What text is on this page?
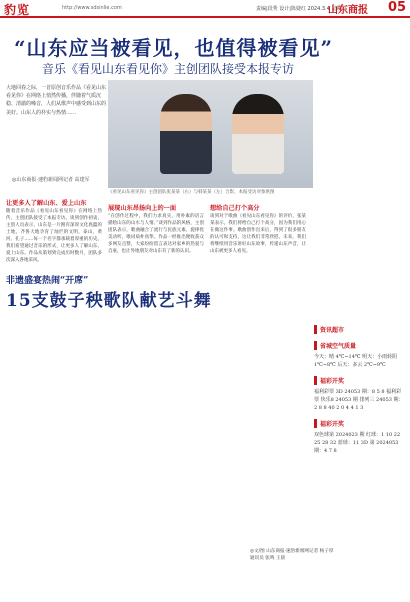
豹览	http://www.sdsinlie.com	责编|段秀 设计|陈婕红 2024.3.4 星期一
山东商报 05
“山东应当被看见，也值得被看见”
音乐《看见山东看见你》主创团队接受本报专访
大地回春之际，一首原创音乐作品《看见山东看见你》在网络上悄然传播，伴随着气质沉稳、清澈的嗓音，人们从歌声中感受到山东的美好。山东人的朴实与热情……
◎山东商报·速豹新闻网记者 高建军
《看见山东看见你》主创团队张某某（右）与韩某某（左）合影，本报受访对象供图
让更多人了解山东、爱上山东
随着音乐作品《看见山东看见你》在网络上热传，主创团队接受了本报专访。谈到创作初衷，主创人员表示，山东是一片拥有深厚文化底蕴的土地，齐鲁大地孕育了灿烂的文明，泰山、黄河、孔子……每一个名字都承载着厚重的历史。我们希望通过音乐的形式，让更多人了解山东、爱上山东。作品从策划到完成历时数月，团队多次深入各地采风。
展现山东昂扬向上的一面
“在创作过程中，我们力求真实，用朴素的语言描绘山东的山水与人情。”谈到作品的风格，主创团队表示，歌曲融合了流行与民族元素，旋律优美动听，歌词质朴真挚。作品一经推出便收获众多网友点赞，大家纷纷留言表达对家乡的热爱与自豪，也让外地朋友对山东有了新的认识。
想给自己打个高分
谈到对于歌曲《看见山东看见你》的评价，张某某表示，我们将给自己打个高分，因为我们用心在做这件事。歌曲创作出来后，得到了很多朋友的认可和支持，这让我们非常欣慰。未来，我们将继续用音乐讲好山东故事，传递山东声音，让山东被更多人看见。
非遗盛宴热闹“开席”
15支鼓子秧歌队献艺斗舞
◎文/图 山东商报·速豹新闻网记者 杨子厚 通讯员 张鸣 王晨
资讯超市
省城空气质量
今天：晴 4℃~14℃ 明天：小雨转阴 1℃~8℃ 后天：多云 2℃~9℃
福彩开奖
福利彩票 3D 24053 期：8 5 8 福利彩票 快乐8 24053 期 排列三 24053 期：2 8 8 40 2 0 4 4 1 3
福彩开奖
双色球第 2024023 期 红球：1 10 22 25 28 32 蓝球：11 3D 第 2024053 期：4 7 8
